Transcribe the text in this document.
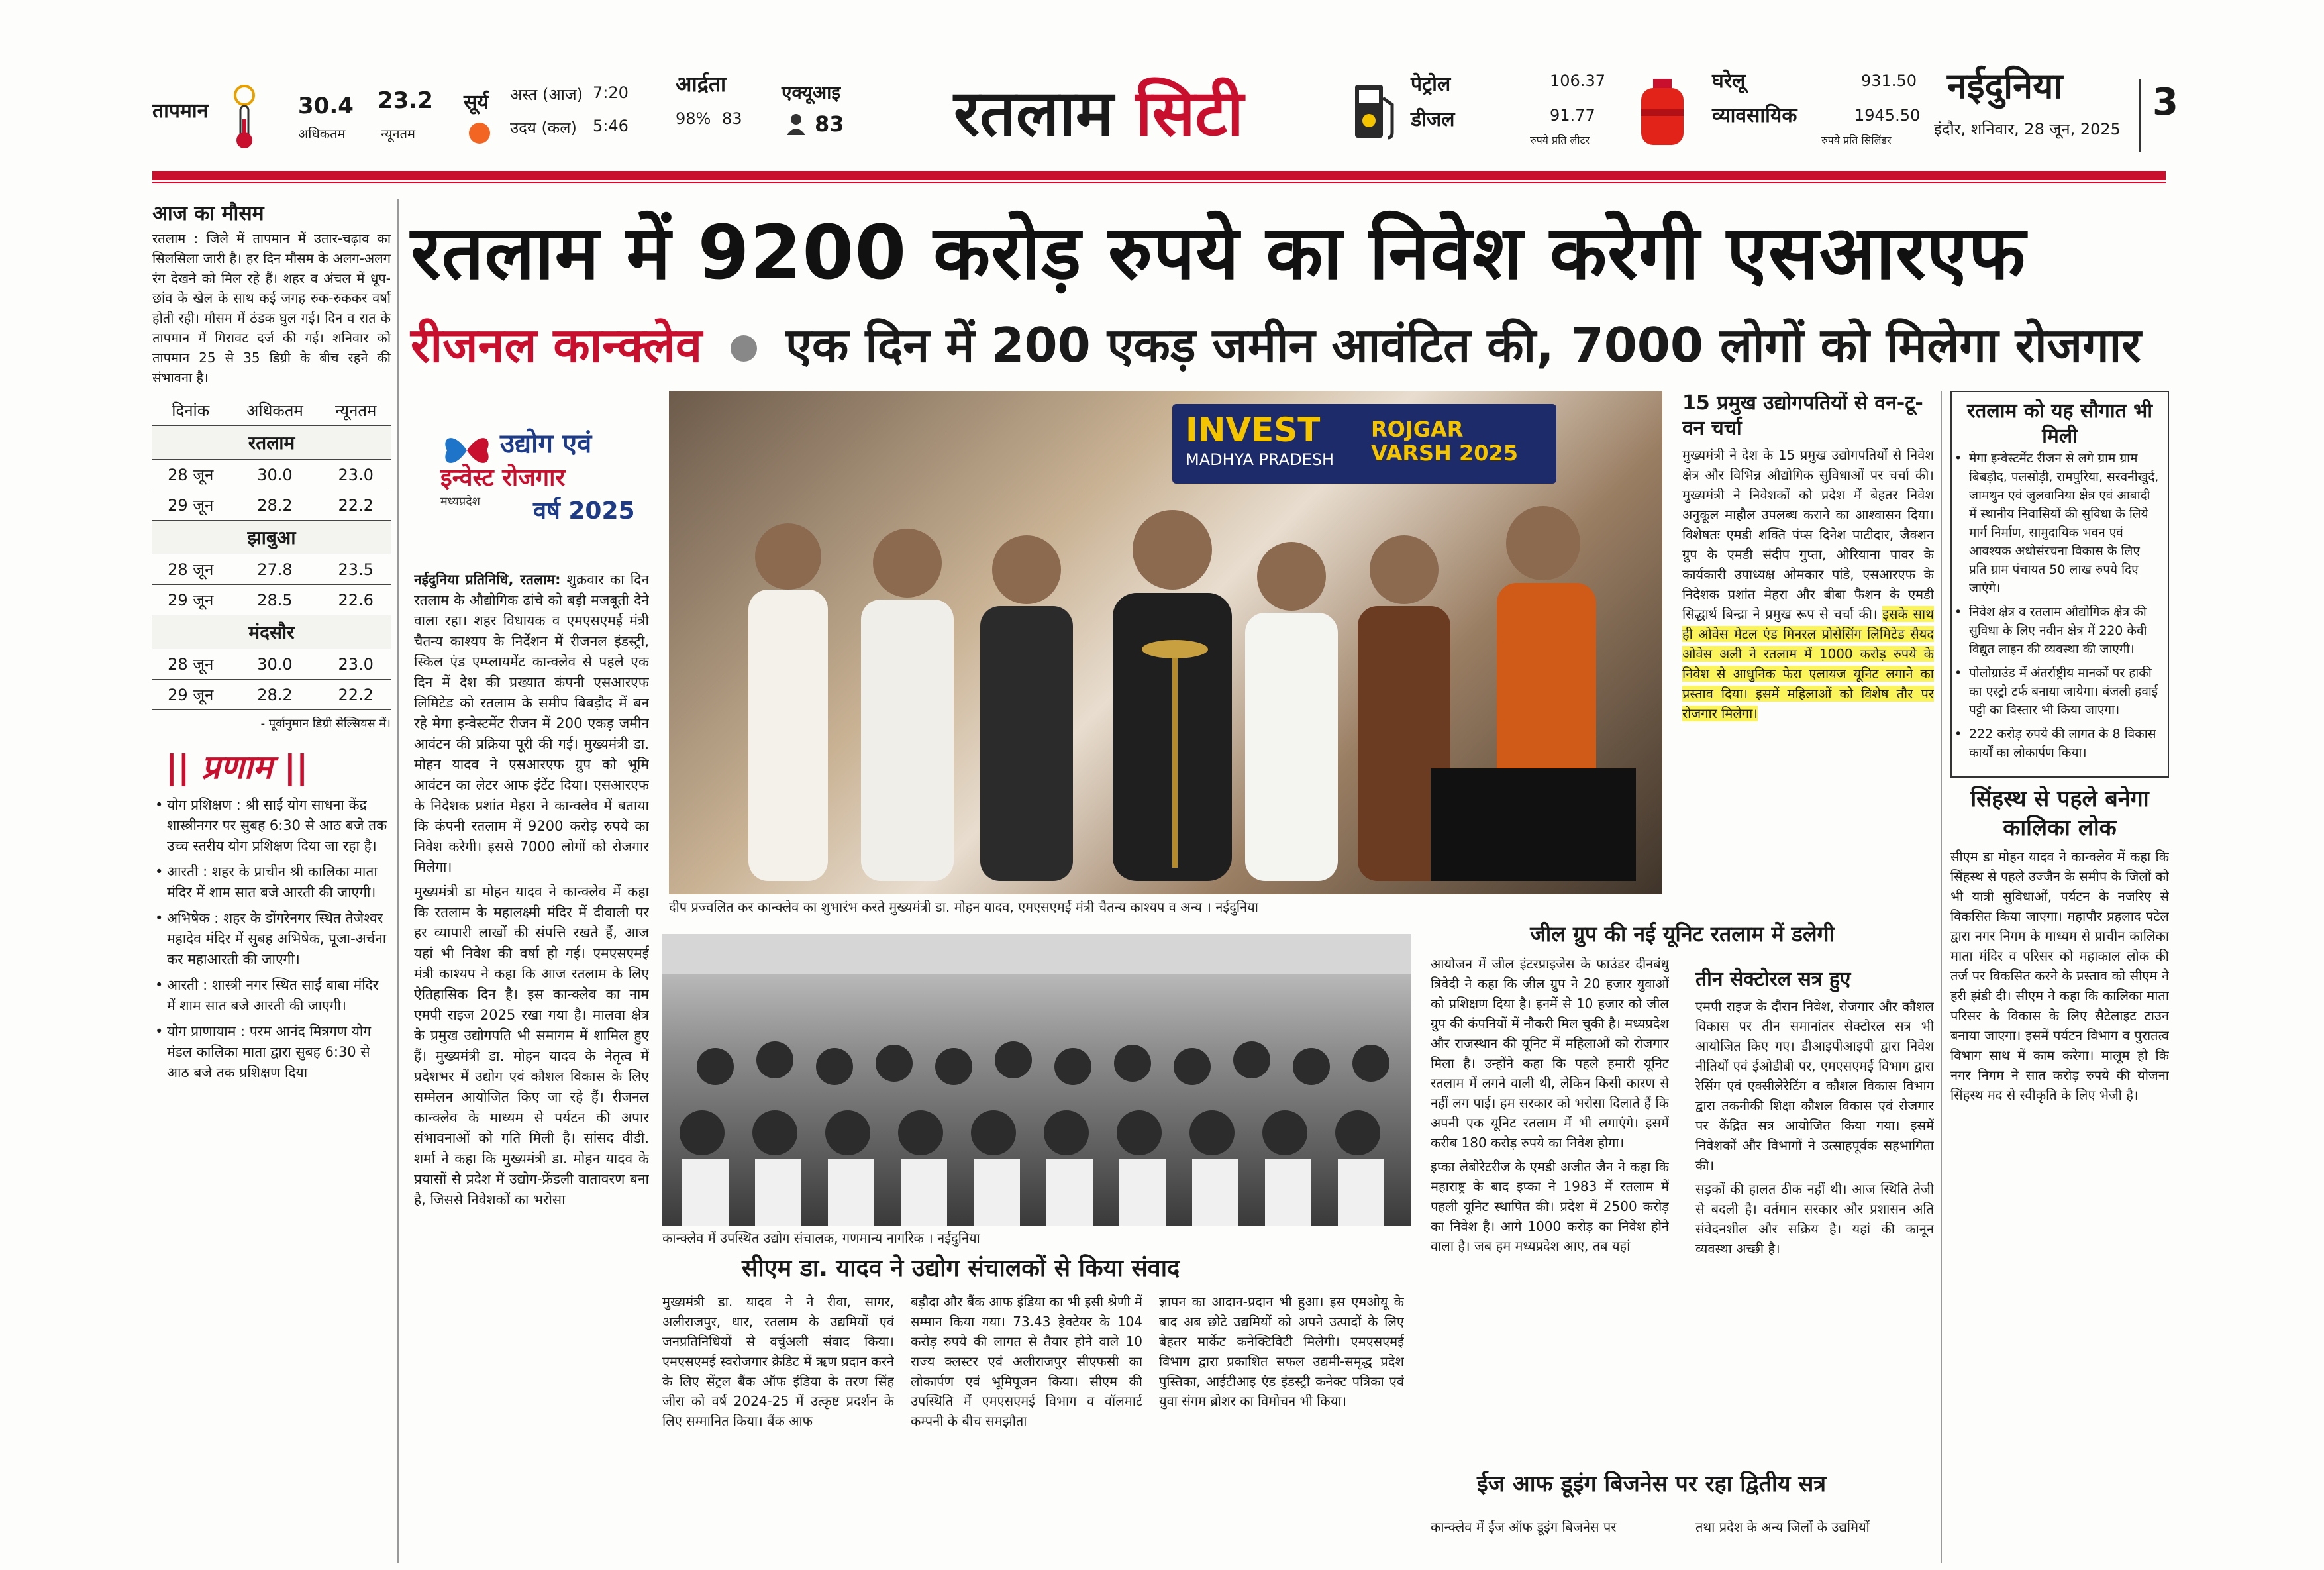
तापमान	30.4 23.2
अधिकतम	न्यूनतम
सूर्य अस्त (आज) 7:20
उदय (कल) 5:46
आर्द्रता
98% 83
एक्यूआइ
83 रतलाम सिटी	पेट्रोल
डीजल
106.37
91.77
रुपये प्रति लीटर
घरेलू
व्यावसायिक
931.50
1945.50
रुपये प्रति सिलिंडर
नईदुनिया
इंदौर, शनिवार, 28 जून, 2025
3
आज का मौसम
रतलाम : जिले में तापमान में उतार-चढ़ाव का सिलसिला जारी है। हर दिन मौसम के अलग-अलग रंग देखने को मिल रहे हैं। शहर व अंचल में धूप-छांव के खेल के साथ कई जगह रुक-रुककर वर्षा होती रही। मौसम में ठंडक घुल गई। दिन व रात के तापमान में गिरावट दर्ज की गई। शनिवार को तापमान 25 से 35 डिग्री के बीच रहने की संभावना है।
दिनांक	अधिकतम	न्यूनतम
रतलाम		
28 जून	30.0	23.0
29 जून	28.2	22.2
झाबुआ		
28 जून	27.8	23.5
29 जून	28.5	22.6
मंदसौर		
28 जून	30.0	23.0
29 जून	28.2	22.2
- पूर्वानुमान डिग्री सेल्सियस में।
|| प्रणाम ||
• योग प्रशिक्षण : श्री साईं योग साधना केंद्र शास्त्रीनगर पर सुबह 6:30 से आठ बजे तक उच्च स्तरीय योग प्रशिक्षण दिया जा रहा है।
• आरती : शहर के प्राचीन श्री कालिका माता मंदिर में शाम सात बजे आरती की जाएगी।
• अभिषेक : शहर के डोंगरेनगर स्थित तेजेश्वर महादेव मंदिर में सुबह अभिषेक, पूजा-अर्चना कर महाआरती की जाएगी।
• आरती : शास्त्री नगर स्थित साईं बाबा मंदिर में शाम सात बजे आरती की जाएगी।
• योग प्राणायाम : परम आनंद मित्रगण योग मंडल कालिका माता द्वारा सुबह 6:30 से आठ बजे तक प्रशिक्षण दिया
रतलाम में 9200 करोड़ रुपये का निवेश करेगी एसआरएफ
रीजनल कान्क्लेव एक दिन में 200 एकड़ जमीन आवंटित की, 7000 लोगों को मिलेगा रोजगार
उद्योग एवं
इन्वेस्ट रोजगार
मध्यप्रदेश वर्ष 2025

नईदुनिया प्रतिनिधि, रतलाम: शुक्रवार का दिन रतलाम के औद्योगिक ढांचे को बड़ी मजबूती देने वाला रहा। शहर विधायक व एमएसएमई मंत्री चैतन्य काश्यप के निर्देशन में रीजनल इंडस्ट्री, स्किल एंड एम्प्लायमेंट कान्क्लेव से पहले एक दिन में देश की प्रख्यात कंपनी एसआरएफ लिमिटेड को रतलाम के समीप बिबड़ौद में बन रहे मेगा इन्वेस्टमेंट रीजन में 200 एकड़ जमीन आवंटन की प्रक्रिया पूरी की गई। मुख्यमंत्री डा. मोहन यादव ने एसआरएफ ग्रुप को भूमि आवंटन का लेटर आफ इंटेंट दिया। एसआरएफ के निदेशक प्रशांत मेहरा ने कान्क्लेव में बताया कि कंपनी रतलाम में 9200 करोड़ रुपये का निवेश करेगी। इससे 7000 लोगों को रोजगार मिलेगा।

मुख्यमंत्री डा मोहन यादव ने कान्क्लेव में कहा कि रतलाम के महालक्ष्मी मंदिर में दीवाली पर हर व्यापारी लाखों की संपत्ति रखते हैं, आज यहां भी निवेश की वर्षा हो गई। एमएसएमई मंत्री काश्यप ने कहा कि आज रतलाम के लिए ऐतिहासिक दिन है। इस कान्क्लेव का नाम एमपी राइज 2025 रखा गया है। मालवा क्षेत्र के प्रमुख उद्योगपति भी समागम में शामिल हुए हैं। मुख्यमंत्री डा. मोहन यादव के नेतृत्व में प्रदेशभर में उद्योग एवं कौशल विकास के लिए सम्मेलन आयोजित किए जा रहे हैं। रीजनल कान्क्लेव के माध्यम से पर्यटन की अपार संभावनाओं को गति मिली है। सांसद वीडी. शर्मा ने कहा कि मुख्यमंत्री डा. मोहन यादव के प्रयासों से प्रदेश में उद्योग-फ्रेंडली वातावरण बना है, जिससे निवेशकों का भरोसा

INVEST
MADHYA PRADESH
ROJGAR VARSH 2025
दीप प्रज्वलित कर कान्क्लेव का शुभारंभ करते मुख्यमंत्री डा. मोहन यादव, एमएसएमई मंत्री चैतन्य काश्यप व अन्य । नईदुनिया
कान्क्लेव में उपस्थित उद्योग संचालक, गणमान्य नागरिक । नईदुनिया
15 प्रमुख उद्योगपतियों से वन-टू-वन चर्चा
मुख्यमंत्री ने देश के 15 प्रमुख उद्योगपतियों से निवेश क्षेत्र और विभिन्न औद्योगिक सुविधाओं पर चर्चा की। मुख्यमंत्री ने निवेशकों को प्रदेश में बेहतर निवेश अनुकूल माहौल उपलब्ध कराने का आश्वासन दिया। विशेषतः एमडी शक्ति पंप्स दिनेश पाटीदार, जैक्शन ग्रुप के एमडी संदीप गुप्ता, ओरियाना पावर के कार्यकारी उपाध्यक्ष ओमकार पांडे, एसआरएफ के निदेशक प्रशांत मेहरा और बीबा फैशन के एमडी सिद्धार्थ बिन्द्रा ने प्रमुख रूप से चर्चा की। इसके साथ ही ओवेस मेटल एंड मिनरल प्रोसेसिंग लिमिटेड सैयद ओवेस अली ने रतलाम में 1000 करोड़ रुपये के निवेश से आधुनिक फेरा एलायज यूनिट लगाने का प्रस्ताव दिया। इसमें महिलाओं को विशेष तौर पर रोजगार मिलेगा।
रतलाम को यह सौगात भी मिली
• मेगा इन्वेस्टमेंट रीजन से लगे ग्राम ग्राम बिबड़ौद, पलसोड़ी, रामपुरिया, सरवनीखुर्द, जामथुन एवं जुलवानिया क्षेत्र एवं आबादी में स्थानीय निवासियों की सुविधा के लिये मार्ग निर्माण, सामुदायिक भवन एवं आवश्यक अधोसंरचना विकास के लिए प्रति ग्राम पंचायत 50 लाख रुपये दिए जाएंगे।
• निवेश क्षेत्र व रतलाम औद्योगिक क्षेत्र की सुविधा के लिए नवीन क्षेत्र में 220 केवी विद्युत लाइन की व्यवस्था की जाएगी।
• पोलोग्राउंड में अंतर्राष्ट्रीय मानकों पर हाकी का एस्ट्रो टर्फ बनाया जायेगा। बंजली हवाई पट्टी का विस्तार भी किया जाएगा।
• 222 करोड़ रुपये की लागत के 8 विकास कार्यों का लोकार्पण किया।
सिंहस्थ से पहले बनेगा कालिका लोक
सीएम डा मोहन यादव ने कान्क्लेव में कहा कि सिंहस्थ से पहले उज्जैन के समीप के जिलों को भी यात्री सुविधाओं, पर्यटन के नजरिए से विकसित किया जाएगा। महापौर प्रहलाद पटेल द्वारा नगर निगम के माध्यम से प्राचीन कालिका माता मंदिर व परिसर को महाकाल लोक की तर्ज पर विकसित करने के प्रस्ताव को सीएम ने हरी झंडी दी। सीएम ने कहा कि कालिका माता परिसर के विकास के लिए सैटेलाइट टाउन बनाया जाएगा। इसमें पर्यटन विभाग व पुरातत्व विभाग साथ में काम करेगा। मालूम हो कि नगर निगम ने सात करोड़ रुपये की योजना सिंहस्थ मद से स्वीकृति के लिए भेजी है।
जील ग्रुप की नई यूनिट रतलाम में डलेगी

आयोजन में जील इंटरप्राइजेस के फाउंडर दीनबंधु त्रिवेदी ने कहा कि जील ग्रुप ने 20 हजार युवाओं को प्रशिक्षण दिया है। इनमें से 10 हजार को जील ग्रुप की कंपनियों में नौकरी मिल चुकी है। मध्यप्रदेश और राजस्थान की यूनिट में महिलाओं को रोजगार मिला है। उन्होंने कहा कि पहले हमारी यूनिट रतलाम में लगने वाली थी, लेकिन किसी कारण से नहीं लग पाई। हम सरकार को भरोसा दिलाते हैं कि अपनी एक यूनिट रतलाम में भी लगाएंगे। इसमें करीब 180 करोड़ रुपये का निवेश होगा।

इप्का लेबोरेटरीज के एमडी अजीत जैन ने कहा कि महाराष्ट्र के बाद इप्का ने 1983 में रतलाम में पहली यूनिट स्थापित की। प्रदेश में 2500 करोड़ का निवेश है। आगे 1000 करोड़ का निवेश होने वाला है। जब हम मध्यप्रदेश आए, तब यहां

तीन सेक्टोरल सत्र हुए

एमपी राइज के दौरान निवेश, रोजगार और कौशल विकास पर तीन समानांतर सेक्टोरल सत्र भी आयोजित किए गए। डीआइपीआइपी द्वारा निवेश नीतियों एवं ईओडीबी पर, एमएसएमई विभाग द्वारा रेसिंग एवं एक्सीलेरेटिंग व कौशल विकास विभाग द्वारा तकनीकी शिक्षा कौशल विकास एवं रोजगार पर केंद्रित सत्र आयोजित किया गया। इसमें निवेशकों और विभागों ने उत्साहपूर्वक सहभागिता की।

सड़कों की हालत ठीक नहीं थी। आज स्थिति तेजी से बदली है। वर्तमान सरकार और प्रशासन अति संवेदनशील और सक्रिय है। यहां की कानून व्यवस्था अच्छी है।

सीएम डा. यादव ने उद्योग संचालकों से किया संवाद
मुख्यमंत्री डा. यादव ने ने रीवा, सागर, अलीराजपुर, धार, रतलाम के उद्यमियों एवं जनप्रतिनिधियों से वर्चुअली संवाद किया। एमएसएमई स्वरोजगार क्रेडिट में ऋण प्रदान करने के लिए सेंट्रल बैंक ऑफ इंडिया के तरण सिंह जीरा को वर्ष 2024-25 में उत्कृष्ट प्रदर्शन के लिए सम्मानित किया। बैंक आफ
बड़ौदा और बैंक आफ इंडिया का भी इसी श्रेणी में सम्मान किया गया। 73.43 हेक्टेयर के 104 करोड़ रुपये की लागत से तैयार होने वाले 10 राज्य क्लस्टर एवं अलीराजपुर सीएफसी का लोकार्पण एवं भूमिपूजन किया। सीएम की उपस्थिति में एमएसएमई विभाग व वॉलमार्ट कम्पनी के बीच समझौता
ज्ञापन का आदान-प्रदान भी हुआ। इस एमओयू के बाद अब छोटे उद्यमियों को अपने उत्पादों के लिए बेहतर मार्केट कनेक्टिविटी मिलेगी। एमएसएमई विभाग द्वारा प्रकाशित सफल उद्यमी-समृद्ध प्रदेश पुस्तिका, आईटीआइ एंड इंडस्ट्री कनेक्ट पत्रिका एवं युवा संगम ब्रोशर का विमोचन भी किया।
ईज आफ डूइंग बिजनेस पर रहा द्वितीय सत्र
कान्क्लेव में ईज ऑफ डूइंग बिजनेस पर	तथा प्रदेश के अन्य जिलों के उद्यमियों
